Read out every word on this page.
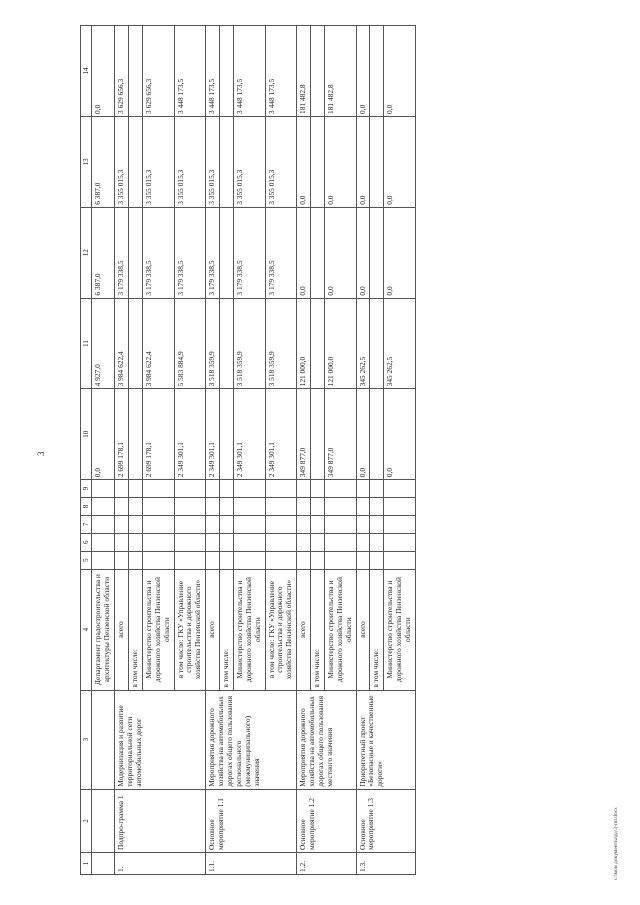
3
1	2	3	4	5	6	7	8	9	10	11	12	13	14
			Департамент градостроительства и архитектуры Пензенской области						0,0	4 927,0	6 387,0	6 387,0	0,0
1.	Подпро-грамма 1	Модернизация и развитие территориальной сети автомобильных дорог	всего						2 699 178,1	3 984 622,4	3 179 338,5	3 355 015,3	3 629 656,3
			в том числе:										
			Министерство строительства и дорожного хозяйства Пензенской области						2 699 178,1	3 984 622,4	3 179 338,5	3 355 015,3	3 629 656,3
			в том числе: ГКУ «Управление строительства и дорожного хозяйства Пензенской области»						2 349 301,1	5 583 884,9	3 179 338,5	3 355 015,3	3 448 173,5
1.1.	Основное мероприятие 1.1	Мероприятия дорожного хозяйства на автомобильных дорогах общего пользования регионального (межмуниципального) значения	всего						2 349 301,1	3 518 359,9	3 179 338,5	3 355 015,3	3 448 173,5
			в том числе:										
			Министерство строительства и дорожного хозяйства Пензенской области						2 349 301,1	3 518 359,9	3 179 338,5	3 355 015,3	3 448 173,5
			в том числе: ГКУ «Управление строительства и дорожного хозяйства Пензенской области»						2 349 301,1	3 518 359,9	3 179 338,5	3 355 015,3	3 448 173,5
1.2.	Основное мероприятие 1.2	Мероприятия дорожного хозяйства на автомобильных дорогах общего пользования местного значения	всего						349 877,0	121 000,0	0,0	0,0	181 482,8
			в том числе:										
			Министерство строительства и дорожного хозяйства Пензенской области						349 877,0	121 000,0	0,0	0,0	181 482,8
1.3.	Основное мероприятие 1.3	Приоритетный проект «Безопасные и качественные дороги»	всего						0,0	345 262,5	0,0	0,0	0,0
			в том числе:										
			Министерство строительства и дорожного хозяйства Пензенской области						0,0	345 262,5	0,0	0,0	0,0
c:\мои документы\рд\3-пп.docx
